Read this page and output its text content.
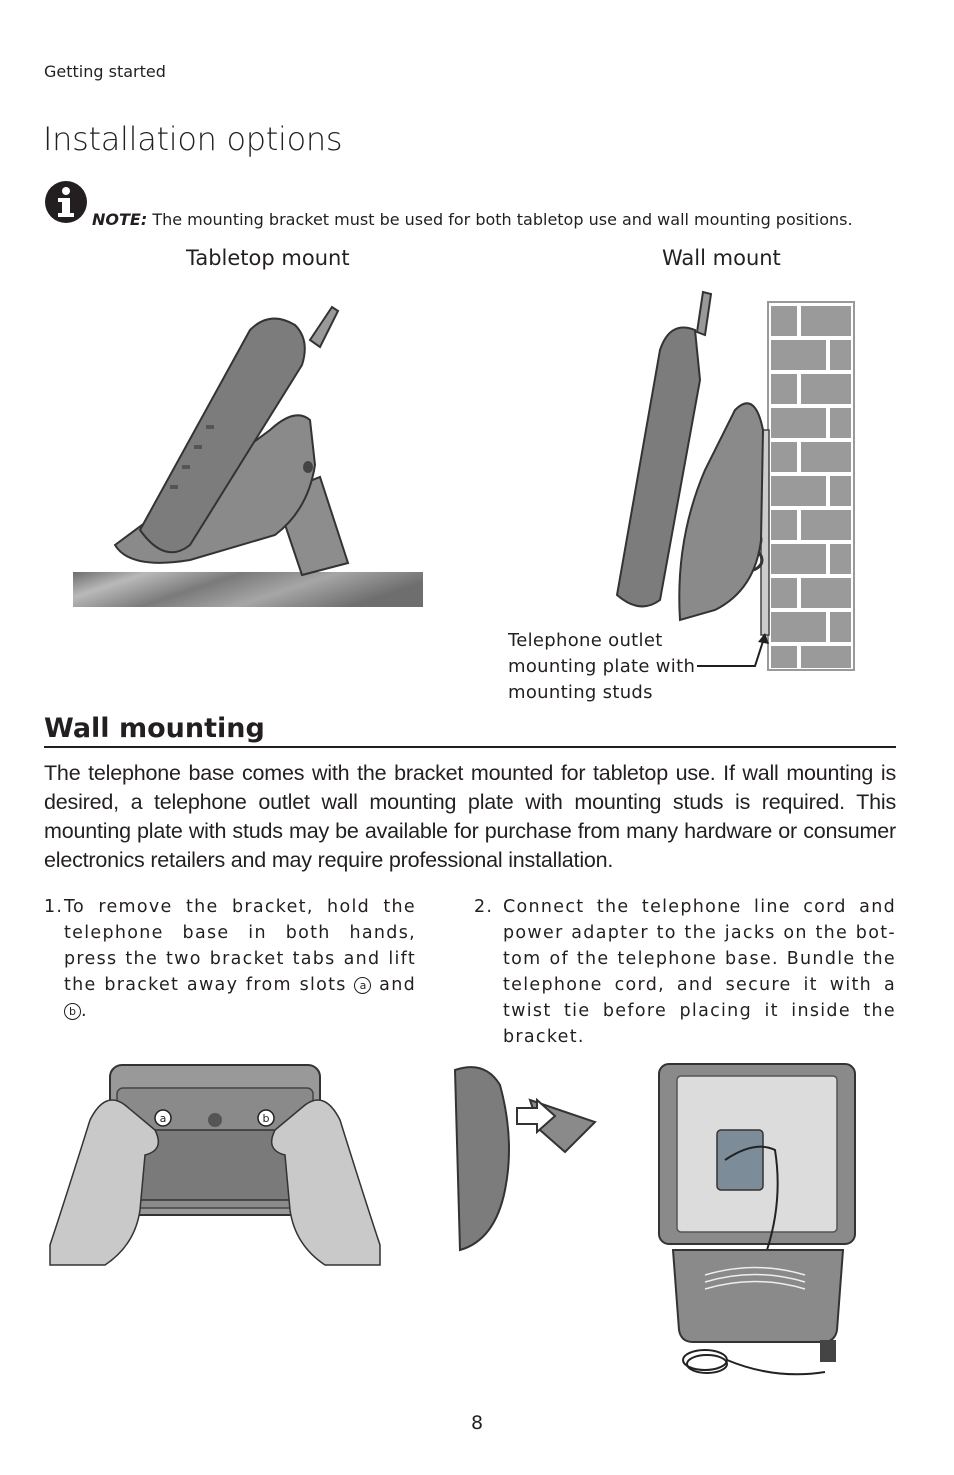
Getting started
Installation options
NOTE: The mounting bracket must be used for both tabletop use and wall mounting positions.
Tabletop mount	Wall mount
Telephone outlet mounting plate with mounting studs
Wall mounting
The telephone base comes with the bracket mounted for tabletop use. If wall mounting is desired, a telephone outlet wall mounting plate with mounting studs is required. This mounting plate with studs may be available for purchase from many hardware or consumer electronics retailers and may require professional installation.
1. To remove the bracket, hold the telephone base in both hands, press the two bracket tabs and lift the bracket away from slots a and b .
2. Connect the telephone line cord and power adapter to the jacks on the bot-tom of the telephone base. Bundle the telephone cord, and secure it with a twist tie before placing it inside the bracket.
a	b
8
